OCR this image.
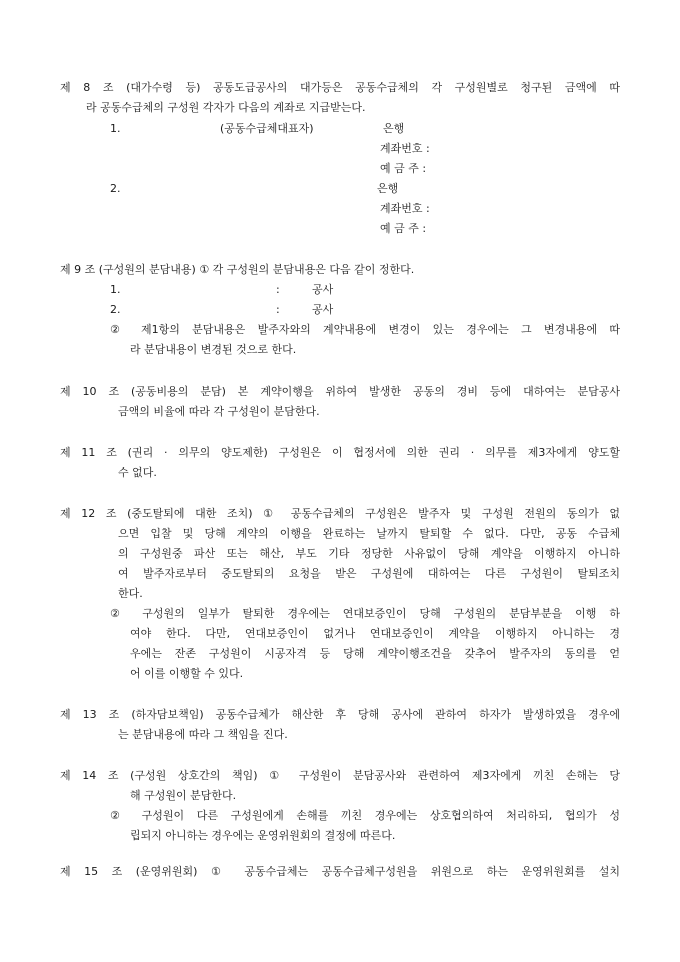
제 8 조 (대가수령 등) 공동도급공사의 대가등은 공동수급체의 각 구성원별로 청구된 금액에 따
라 공동수급체의 구성원 각자가 다음의 계좌로 지급받는다.
1.	(공동수급체대표자)	은행
계좌번호 :
예 금 주 :
2.	은행
계좌번호 :
예 금 주 :
제 9 조 (구성원의 분담내용) ① 각 구성원의 분담내용은 다음 같이 정한다.
1.	:	공사
2.	:	공사
② 제1항의 분담내용은 발주자와의 계약내용에 변경이 있는 경우에는 그 변경내용에 따
라 분담내용이 변경된 것으로 한다.
제 10 조 (공동비용의 분담) 본 계약이행을 위하여 발생한 공동의 경비 등에 대하여는 분담공사
금액의 비율에 따라 각 구성원이 분담한다.
제 11 조 (권리 · 의무의 양도제한) 구성원은 이 협정서에 의한 권리 · 의무를 제3자에게 양도할
수 없다.
제 12 조 (중도탈퇴에 대한 조치) ① 공동수급체의 구성원은 발주자 및 구성원 전원의 동의가 없
으면 입찰 및 당해 계약의 이행을 완료하는 날까지 탈퇴할 수 없다. 다만, 공동 수급체
의 구성원중 파산 또는 해산, 부도 기타 정당한 사유없이 당해 계약을 이행하지 아니하
여 발주자로부터 중도탈퇴의 요청을 받은 구성원에 대하여는 다른 구성원이 탈퇴조치
한다.
② 구성원의 일부가 탈퇴한 경우에는 연대보증인이 당해 구성원의 분담부분을 이행 하
여야 한다. 다만, 연대보증인이 없거나 연대보증인이 계약을 이행하지 아니하는 경
우에는 잔존 구성원이 시공자격 등 당해 계약이행조건을 갖추어 발주자의 동의를 얻
어 이를 이행할 수 있다.
제 13 조 (하자담보책임) 공동수급체가 해산한 후 당해 공사에 관하여 하자가 발생하였을 경우에
는 분담내용에 따라 그 책임을 진다.
제 14 조 (구성원 상호간의 책임) ① 구성원이 분담공사와 관련하여 제3자에게 끼친 손해는 당
해 구성원이 분담한다.
② 구성원이 다른 구성원에게 손해를 끼친 경우에는 상호협의하여 처리하되, 협의가 성
립되지 아니하는 경우에는 운영위원회의 결정에 따른다.
제 15 조 (운영위원회) ① 공동수급체는 공동수급체구성원을 위원으로 하는 운영위원회를 설치
